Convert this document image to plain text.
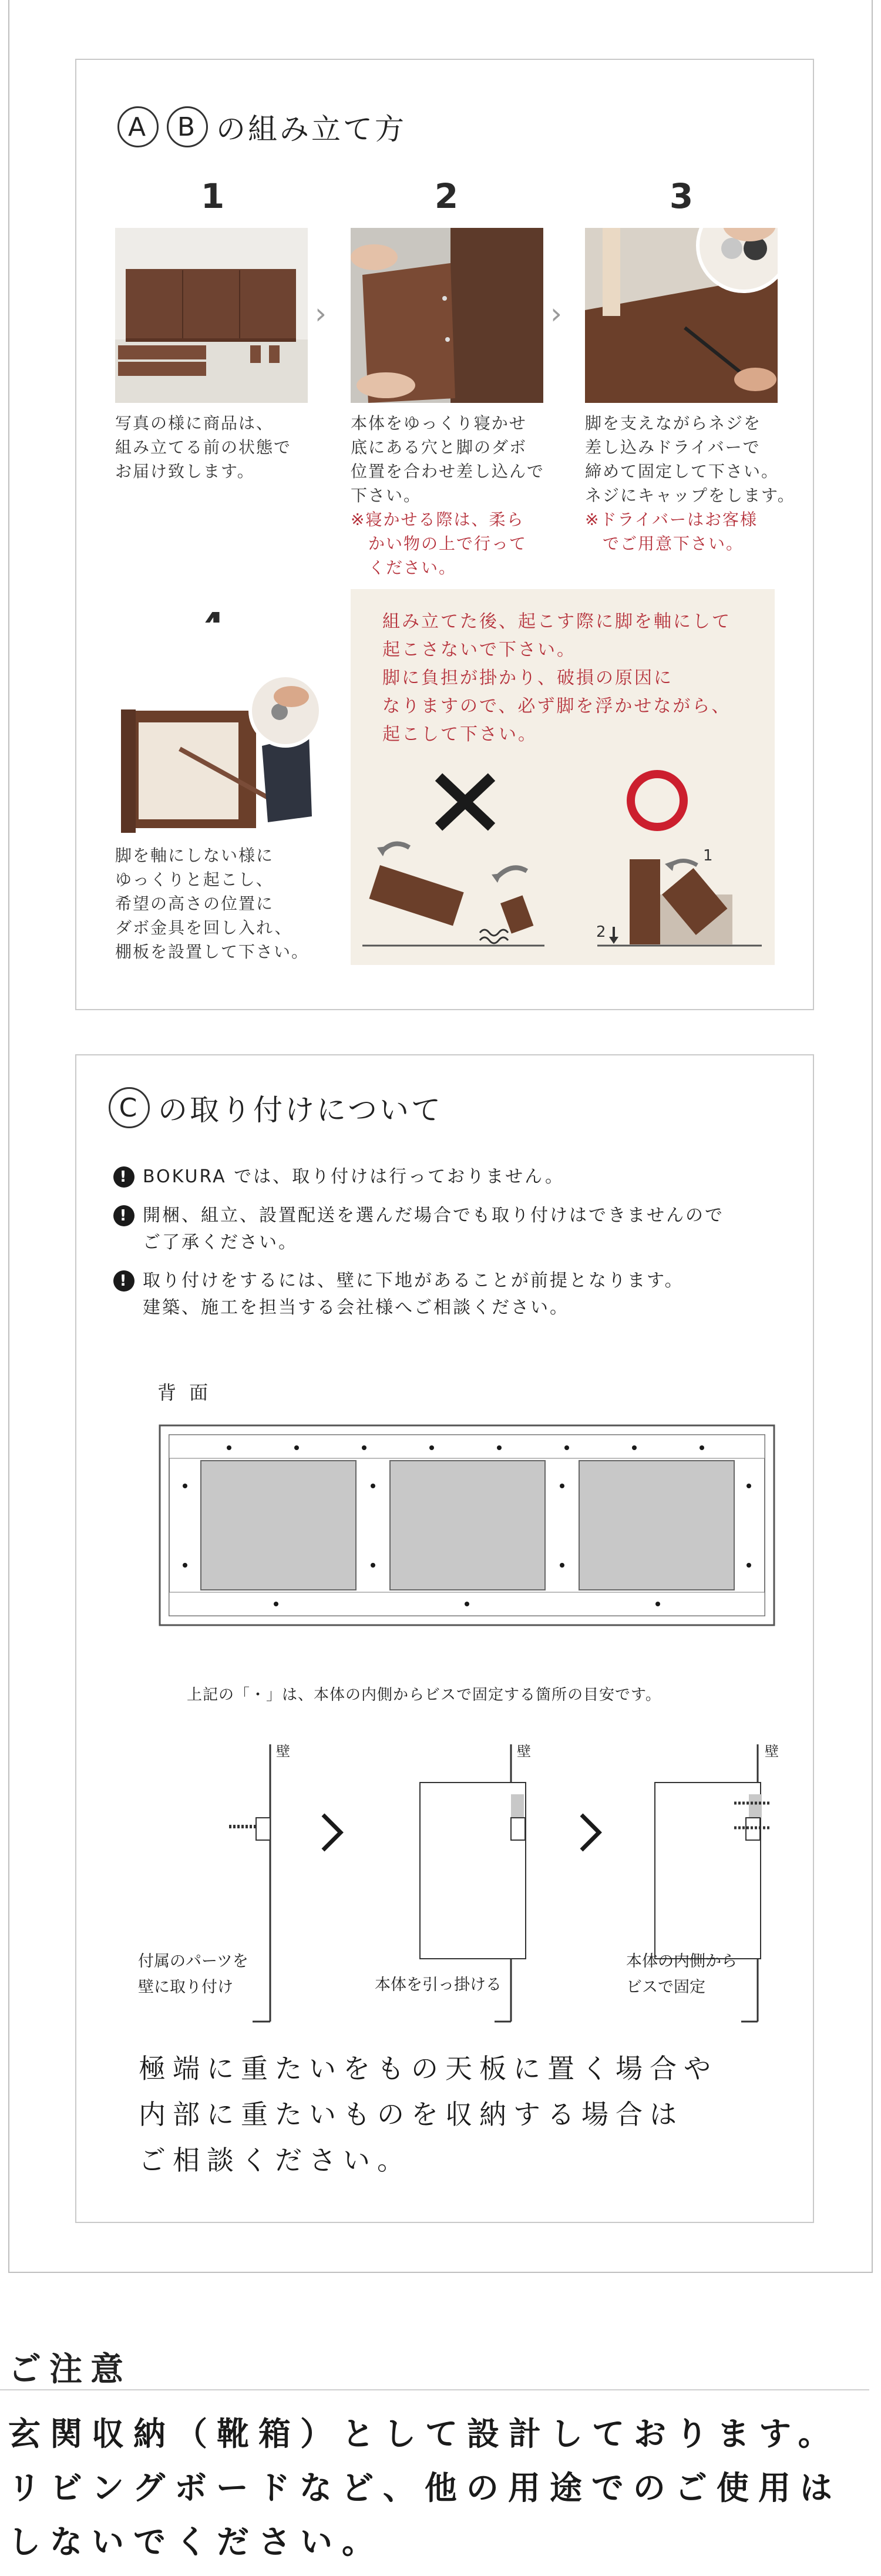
A	B の組み立て方
1	2	3
›	›
写真の様に商品は、
組み立てる前の状態で
お届け致します。
本体をゆっくり寝かせ
底にある穴と脚のダボ
位置を合わせ差し込んで
下さい。
※寝かせる際は、柔ら
　かい物の上で行って
　ください。
脚を支えながらネジを
差し込みドライバーで
締めて固定して下さい。
ネジにキャップをします。
※ドライバーはお客様
　でご用意下さい。
脚を軸にしない様に
ゆっくりと起こし、
希望の高さの位置に
ダボ金具を回し入れ、
棚板を設置して下さい。
組み立てた後、起こす際に脚を軸にして
起こさないで下さい。
脚に負担が掛かり、破損の原因に
なりますので、必ず脚を浮かせながら、
起こして下さい。
1
2
C の取り付けについて
! BOKURA では、取り付けは行っておりません。
! 開梱、組立、設置配送を選んだ場合でも取り付けはできませんので
ご了承ください。
! 取り付けをするには、壁に下地があることが前提となります。
建築、施工を担当する会社様へご相談ください。
背 面
上記の「・」は、本体の内側からビスで固定する箇所の目安です。
壁	壁	壁
付属のパーツを
壁に取り付け	本体を引っ掛ける
本体の内側から
ビスで固定
極端に重たいをもの天板に置く場合や
内部に重たいものを収納する場合は
ご相談ください。
ご注意
玄関収納（靴箱）として設計しております。
リビングボードなど、他の用途でのご使用は
しないでください。
